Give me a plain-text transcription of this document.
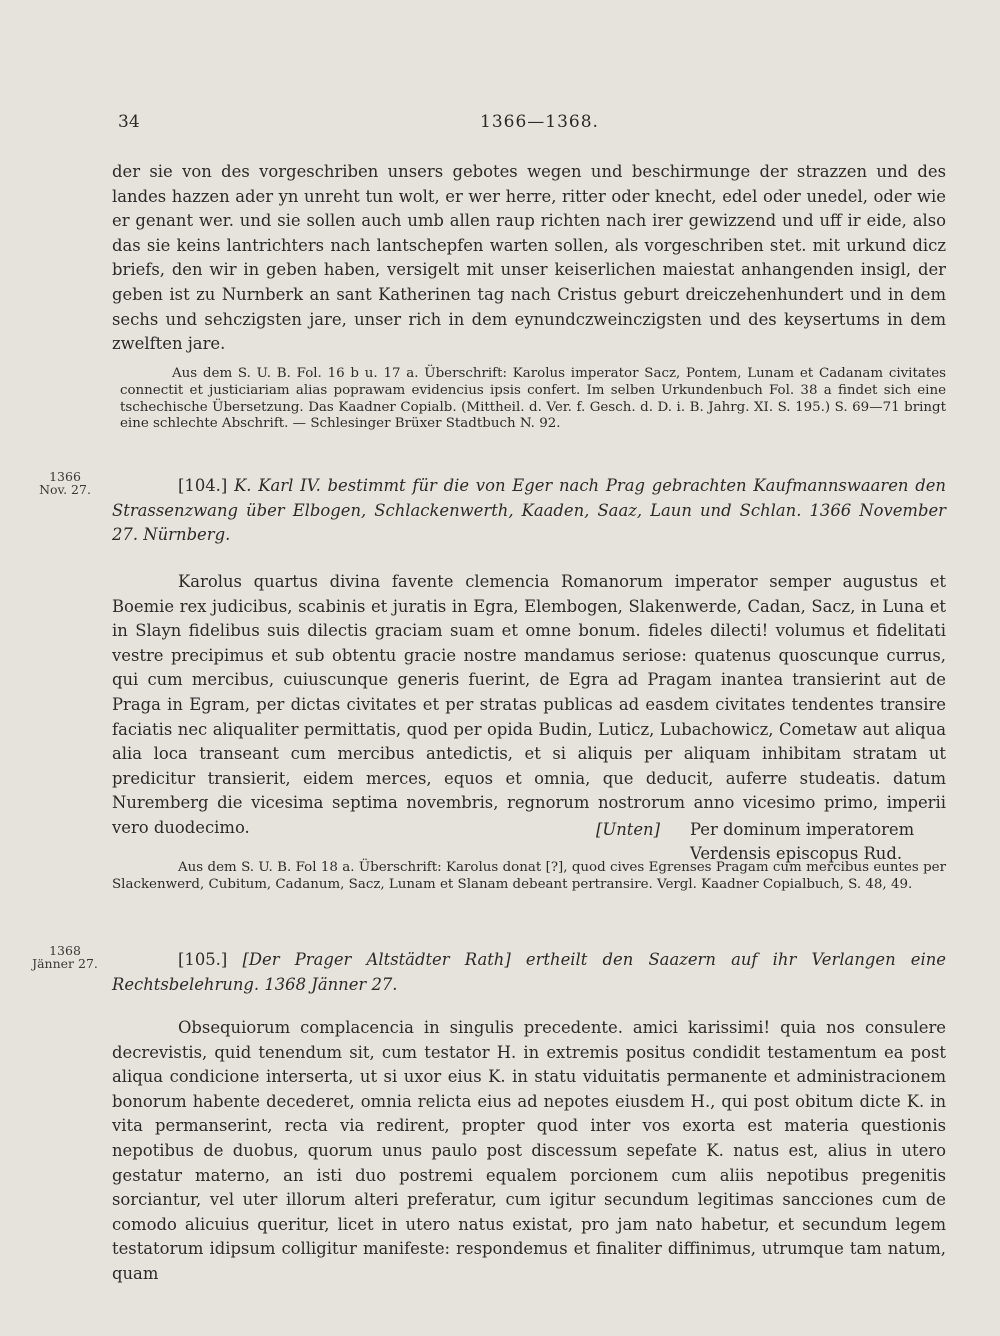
34	1366—1368.

der sie von des vorgeschriben unsers gebotes wegen und beschirmunge der strazzen und des landes hazzen ader yn unreht tun wolt, er wer herre, ritter oder knecht, edel oder unedel, oder wie er genant wer. und sie sollen auch umb allen raup richten nach irer gewizzend und uff ir eide, also das sie keins lantrichters nach lantschepfen warten sollen, als vorgeschriben stet. mit urkund dicz briefs, den wir in geben haben, versigelt mit unser keiserlichen maiestat anhangenden insigl, der geben ist zu Nurnberk an sant Katherinen tag nach Cristus geburt dreiczehenhundert und in dem sechs und sehczigsten jare, unser rich in dem eynundczweinczigsten und des keysertums in dem zwelften jare.

Aus dem S. U. B. Fol. 16 b u. 17 a. Überschrift: Karolus imperator Sacz, Pontem, Lunam et Cadanam civitates connectit et justiciariam alias poprawam evidencius ipsis confert. Im selben Urkundenbuch Fol. 38 a findet sich eine tschechische Übersetzung. Das Kaadner Copialb. (Mittheil. d. Ver. f. Gesch. d. D. i. B. Jahrg. XI. S. 195.) S. 69—71 bringt eine schlechte Abschrift. — Schlesinger Brüxer Stadtbuch N. 92.

1366
Nov. 27.	[104.] K. Karl IV. bestimmt für die von Eger nach Prag gebrachten Kaufmannswaaren den Strassenzwang über Elbogen, Schlackenwerth, Kaaden, Saaz, Laun und Schlan. 1366 November 27. Nürnberg.

Karolus quartus divina favente clemencia Romanorum imperator semper augustus et Boemie rex judicibus, scabinis et juratis in Egra, Elembogen, Slakenwerde, Cadan, Sacz, in Luna et in Slayn fidelibus suis dilectis graciam suam et omne bonum. fideles dilecti! volumus et fidelitati vestre precipimus et sub obtentu gracie nostre mandamus seriose: quatenus quoscunque currus, qui cum mercibus, cuiuscunque generis fuerint, de Egra ad Pragam inantea transierint aut de Praga in Egram, per dictas civitates et per stratas publicas ad easdem civitates tendentes transire faciatis nec aliqualiter permittatis, quod per opida Budin, Luticz, Lubachowicz, Cometaw aut aliqua alia loca transeant cum mercibus antedictis, et si aliquis per aliquam inhibitam stratam ut predicitur transierit, eidem merces, equos et omnia, que deducit, auferre studeatis. datum Nuremberg die vicesima septima novembris, regnorum nostrorum anno vicesimo primo, imperii vero duodecimo.	[Unten] Per dominum imperatorem
Verdensis episcopus Rud.

Aus dem S. U. B. Fol 18 a. Überschrift: Karolus donat [?], quod cives Egrenses Pragam cum mercibus euntes per Slackenwerd, Cubitum, Cadanum, Sacz, Lunam et Slanam debeant pertransire. Vergl. Kaadner Copialbuch, S. 48, 49.

1368
Jänner 27.	[105.] [Der Prager Altstädter Rath] ertheilt den Saazern auf ihr Verlangen eine Rechtsbelehrung. 1368 Jänner 27.

Obsequiorum complacencia in singulis precedente. amici karissimi! quia nos consulere decrevistis, quid tenendum sit, cum testator H. in extremis positus condidit testamentum ea post aliqua condicione interserta, ut si uxor eius K. in statu viduitatis permanente et administracionem bonorum habente decederet, omnia relicta eius ad nepotes eiusdem H., qui post obitum dicte K. in vita permanserint, recta via redirent, propter quod inter vos exorta est materia questionis nepotibus de duobus, quorum unus paulo post discessum sepefate K. natus est, alius in utero gestatur materno, an isti duo postremi equalem porcionem cum aliis nepotibus pregenitis sorciantur, vel uter illorum alteri preferatur, cum igitur secundum legitimas sancciones cum de comodo alicuius queritur, licet in utero natus existat, pro jam nato habetur, et secundum legem testatorum idipsum colligitur manifeste: respondemus et finaliter diffinimus, utrumque tam natum, quam
